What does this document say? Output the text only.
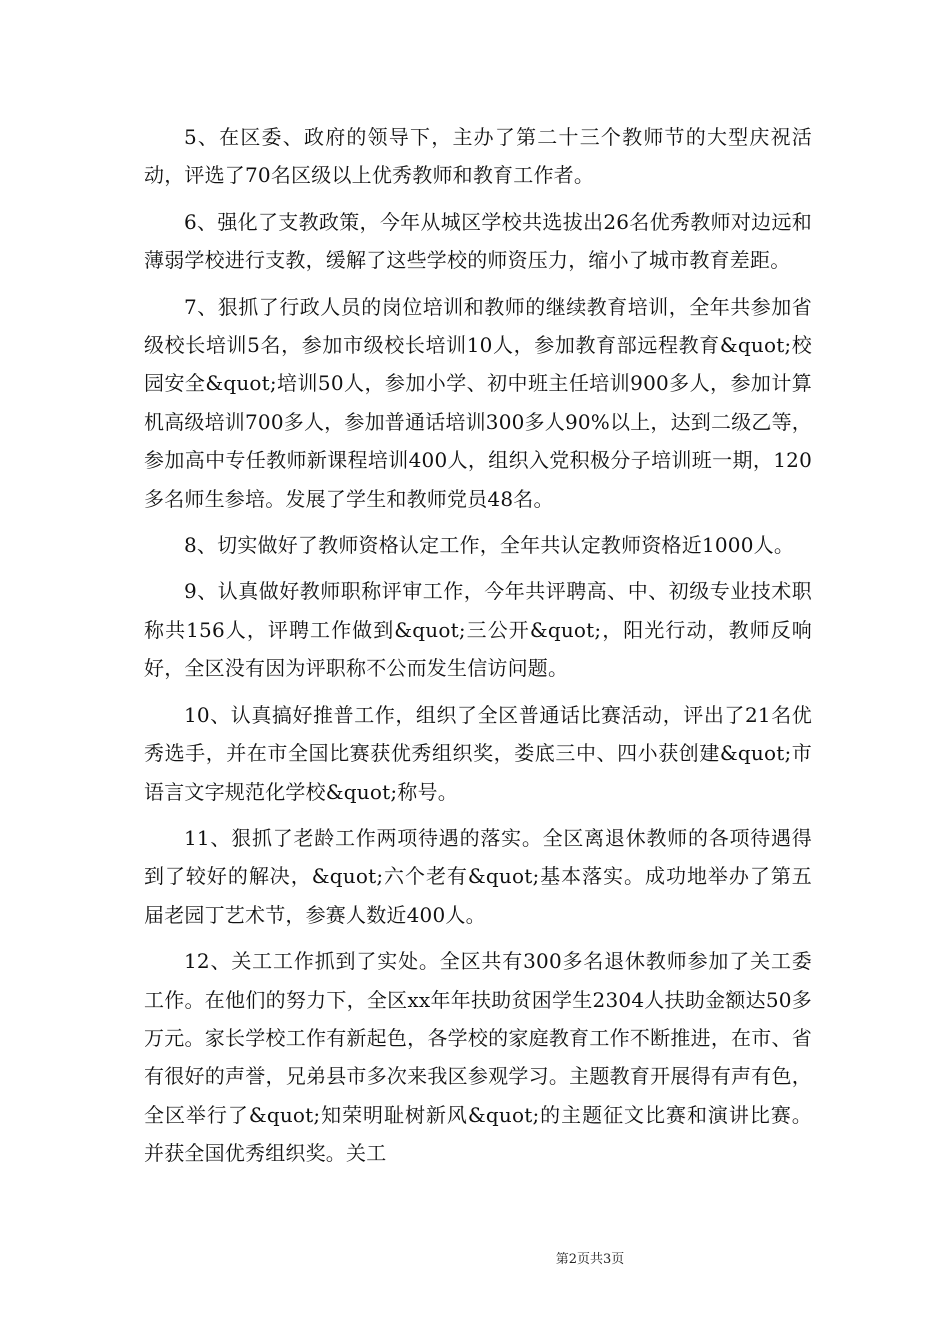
5、在区委、政府的领导下，主办了第二十三个教师节的大型庆祝活动，评选了70名区级以上优秀教师和教育工作者。

6、强化了支教政策，今年从城区学校共选拔出26名优秀教师对边远和薄弱学校进行支教，缓解了这些学校的师资压力，缩小了城市教育差距。

7、狠抓了行政人员的岗位培训和教师的继续教育培训，全年共参加省级校长培训5名，参加市级校长培训10人，参加教育部远程教育&quot;校园安全&quot;培训50人，参加小学、初中班主任培训900多人，参加计算机高级培训700多人，参加普通话培训300多人90%以上，达到二级乙等，参加高中专任教师新课程培训400人，组织入党积极分子培训班一期，120多名师生参培。发展了学生和教师党员48名。

8、切实做好了教师资格认定工作，全年共认定教师资格近1000人。

9、认真做好教师职称评审工作，今年共评聘高、中、初级专业技术职称共156人，评聘工作做到&quot;三公开&quot;，阳光行动，教师反响好，全区没有因为评职称不公而发生信访问题。

10、认真搞好推普工作，组织了全区普通话比赛活动，评出了21名优秀选手，并在市全国比赛获优秀组织奖，娄底三中、四小获创建&quot;市语言文字规范化学校&quot;称号。

11、狠抓了老龄工作两项待遇的落实。全区离退休教师的各项待遇得到了较好的解决，&quot;六个老有&quot;基本落实。成功地举办了第五届老园丁艺术节，参赛人数近400人。

12、关工工作抓到了实处。全区共有300多名退休教师参加了关工委工作。在他们的努力下，全区xx年年扶助贫困学生2304人扶助金额达50多万元。家长学校工作有新起色，各学校的家庭教育工作不断推进，在市、省有很好的声誉，兄弟县市多次来我区参观学习。主题教育开展得有声有色，全区举行了&quot;知荣明耻树新风&quot;的主题征文比赛和演讲比赛。并获全国优秀组织奖。关工

第2页共3页
